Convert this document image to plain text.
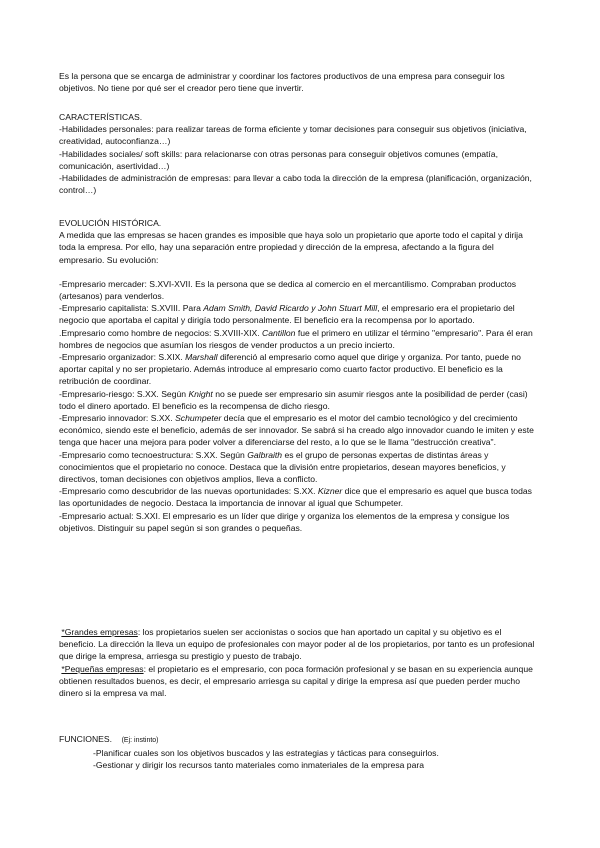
Es la persona que se encarga de administrar y coordinar los factores productivos de una empresa para conseguir los objetivos. No tiene por qué ser el creador pero tiene que invertir.

CARACTERÍSTICAS.

-Habilidades personales: para realizar tareas de forma eficiente y tomar decisiones para conseguir sus objetivos (iniciativa, creatividad, autoconfianza…)

-Habilidades sociales/ soft skills: para relacionarse con otras personas para conseguir objetivos comunes (empatía, comunicación, asertividad…)

-Habilidades de administración de empresas: para llevar a cabo toda la dirección de la empresa (planificación, organización, control…)

EVOLUCIÓN HISTÓRICA.

A medida que las empresas se hacen grandes es imposible que haya solo un propietario que aporte todo el capital y dirija toda la empresa. Por ello, hay una separación entre propiedad y dirección de la empresa, afectando a la figura del empresario. Su evolución:

-Empresario mercader: S.XVI-XVII. Es la persona que se dedica al comercio en el mercantilismo. Compraban productos (artesanos) para venderlos.

-Empresario capitalista: S.XVIII. Para Adam Smith, David Ricardo y John Stuart Mill, el empresario era el propietario del negocio que aportaba el capital y dirigía todo personalmente. El beneficio era la recompensa por lo aportado.

.Empresario como hombre de negocios: S.XVIII-XIX. Cantillon fue el primero en utilizar el término "empresario". Para él eran hombres de negocios que asumían los riesgos de vender productos a un precio incierto.

-Empresario organizador: S.XIX. Marshall diferenció al empresario como aquel que dirige y organiza. Por tanto, puede no aportar capital y no ser propietario. Además introduce al empresario como cuarto factor productivo. El beneficio es la retribución de coordinar.

-Empresario-riesgo: S.XX. Según Knight no se puede ser empresario sin asumir riesgos ante la posibilidad de perder (casi) todo el dinero aportado. El beneficio es la recompensa de dicho riesgo.

-Empresario innovador: S.XX. Schumpeter decía que el empresario es el motor del cambio tecnológico y del crecimiento económico, siendo este el beneficio, además de ser innovador. Se sabrá si ha creado algo innovador cuando le imiten y este tenga que hacer una mejora para poder volver a diferenciarse del resto, a lo que se le llama "destrucción creativa".

-Empresario como tecnoestructura: S.XX. Según Galbraith es el grupo de personas expertas de distintas áreas y conocimientos que el propietario no conoce. Destaca que la división entre propietarios, desean mayores beneficios, y directivos, toman decisiones con objetivos amplios, lleva a conflicto.

-Empresario como descubridor de las nuevas oportunidades: S.XX. Kizner dice que el empresario es aquel que busca todas las oportunidades de negocio. Destaca la importancia de innovar al igual que Schumpeter.

-Empresario actual: S.XXI. El empresario es un líder que dirige y organiza los elementos de la empresa y consigue los objetivos. Distinguir su papel según si son grandes o pequeñas.

*Grandes empresas: los propietarios suelen ser accionistas o socios que han aportado un capital y su objetivo es el beneficio. La dirección la lleva un equipo de profesionales con mayor poder al de los propietarios, por tanto es un profesional que dirige la empresa, arriesga su prestigio y puesto de trabajo.

*Pequeñas empresas: el propietario es el empresario, con poca formación profesional y se basan en su experiencia aunque obtienen resultados buenos, es decir, el empresario arriesga su capital y dirige la empresa así que pueden perder mucho dinero si la empresa va mal.

FUNCIONES. (Ej: instinto)

-Planificar cuales son los objetivos buscados y las estrategias y tácticas para conseguirlos.

-Gestionar y dirigir los recursos tanto materiales como inmateriales de la empresa para
